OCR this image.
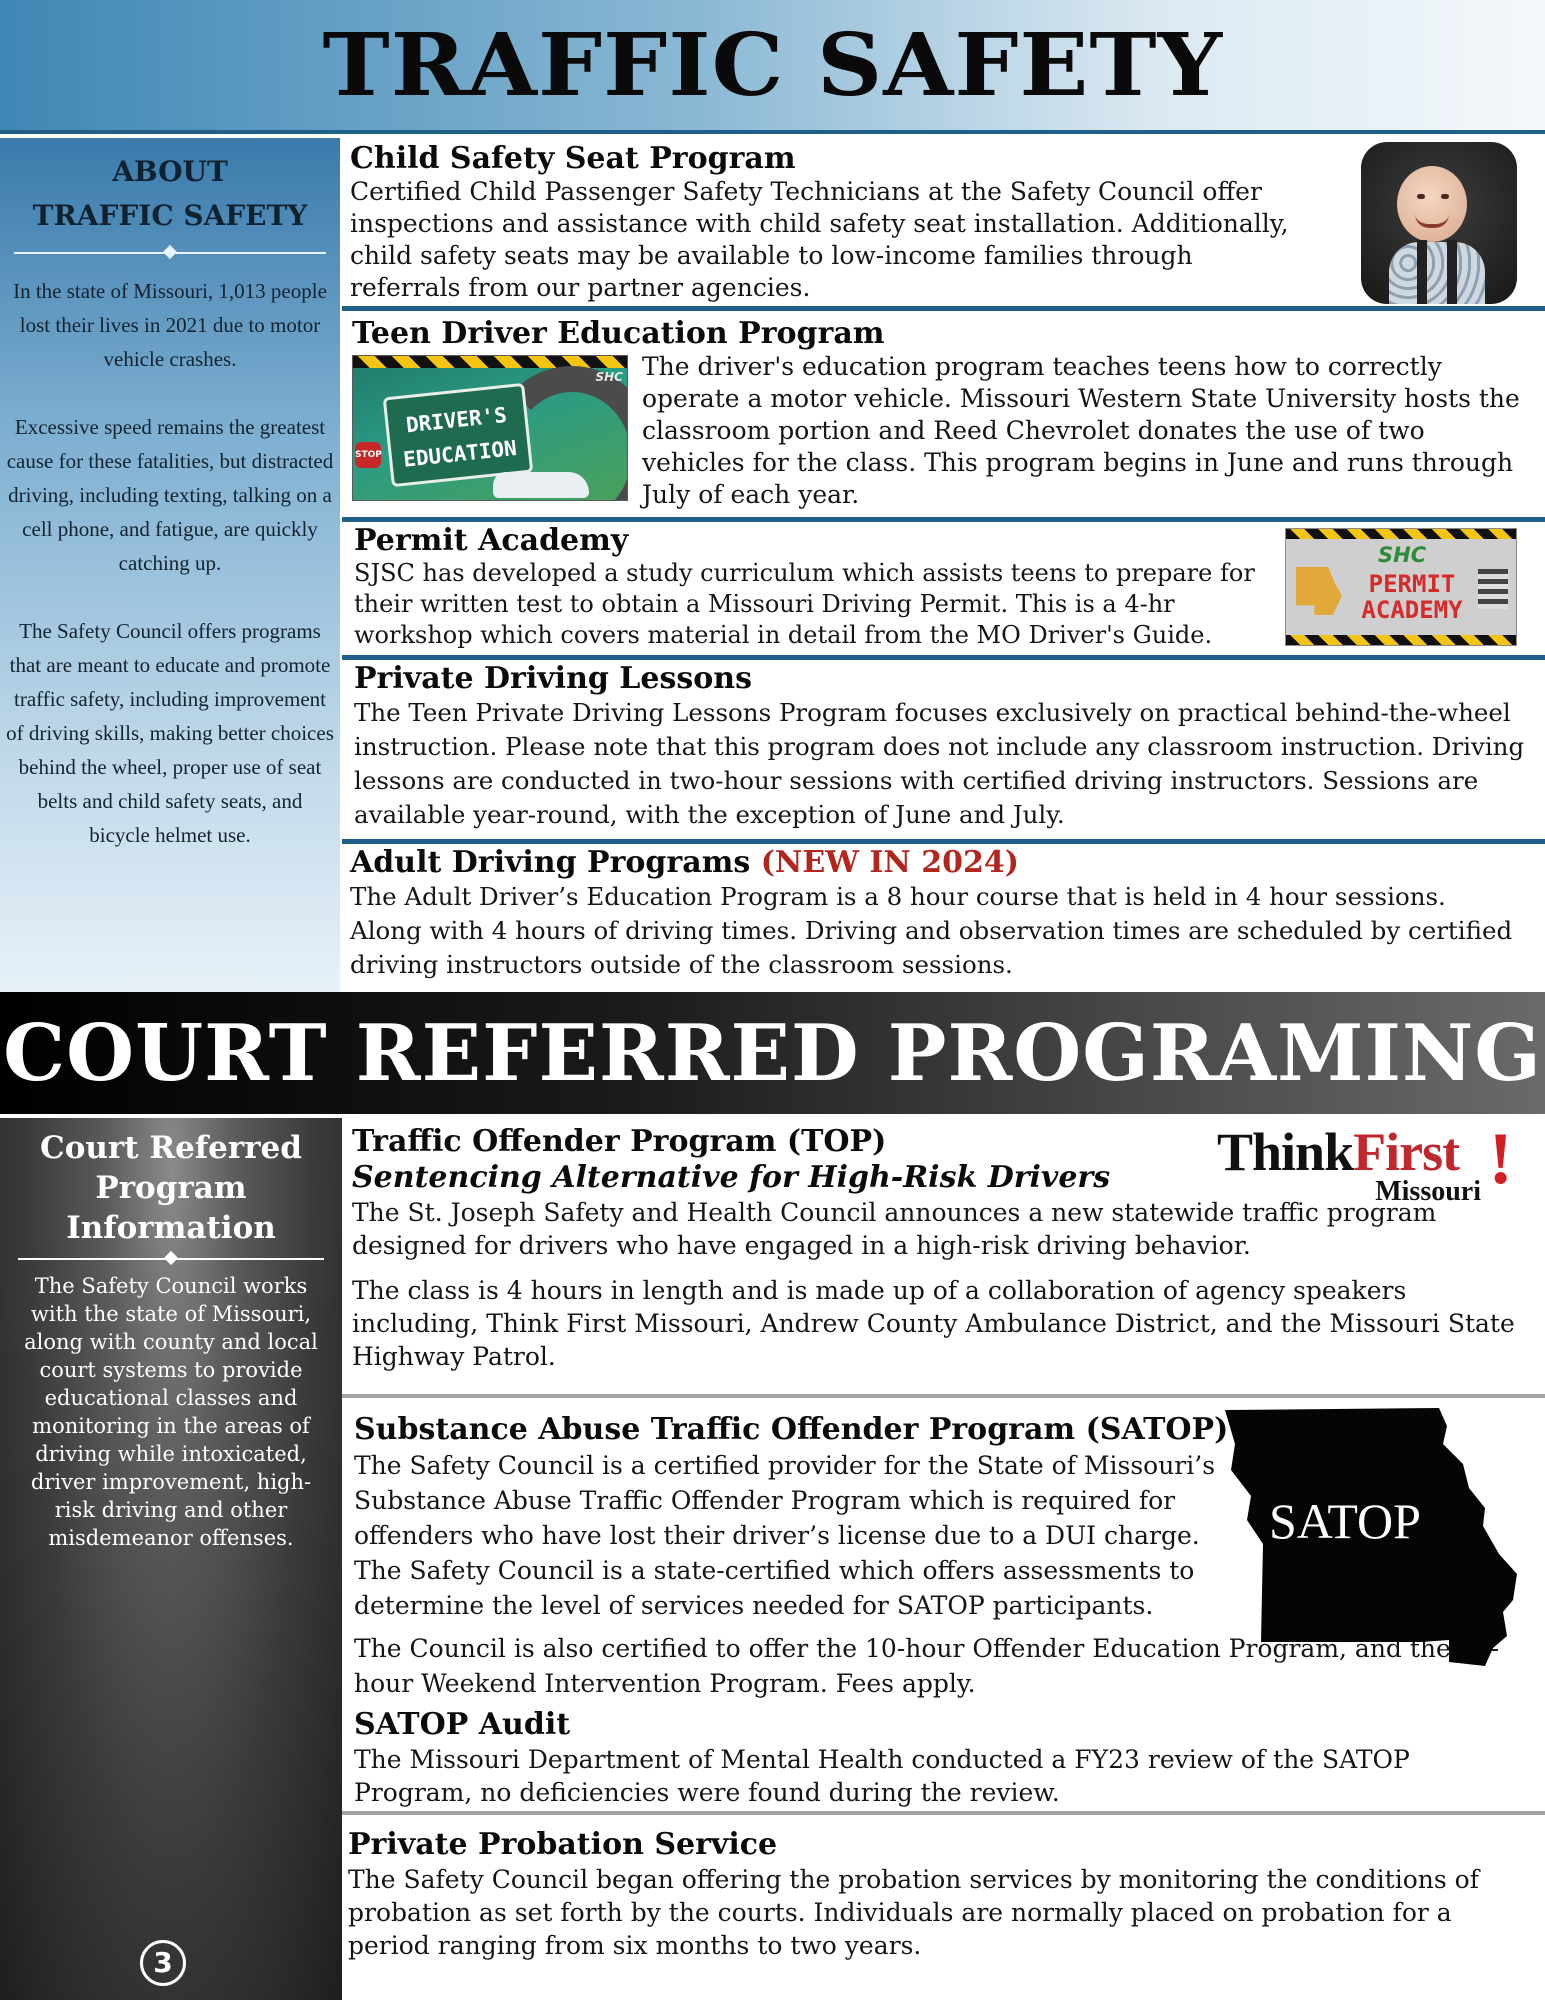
TRAFFIC SAFETY
ABOUT
TRAFFIC SAFETY

In the state of Missouri, 1,013 people lost their lives in 2021 due to motor vehicle crashes.

Excessive speed remains the greatest cause for these fatalities, but distracted driving, including texting, talking on a cell phone, and fatigue, are quickly catching up.

The Safety Council offers programs that are meant to educate and promote traffic safety, including improvement of driving skills, making better choices behind the wheel, proper use of seat belts and child safety seats, and bicycle helmet use.

Child Safety Seat Program

Certified Child Passenger Safety Technicians at the Safety Council offer inspections and assistance with child safety seat installation. Additionally, child safety seats may be available to low-income families through referrals from our partner agencies.

Teen Driver Education Program

The driver's education program teaches teens how to correctly operate a motor vehicle. Missouri Western State University hosts the classroom portion and Reed Chevrolet donates the use of two vehicles for the class. This program begins in June and runs through July of each year.

DRIVER'S
EDUCATION
STOP
SHC
Permit Academy

SJSC has developed a study curriculum which assists teens to prepare for their written test to obtain a Missouri Driving Permit. This is a 4-hr workshop which covers material in detail from the MO Driver's Guide.

SHC
PERMIT
ACADEMY
Private Driving Lessons

The Teen Private Driving Lessons Program focuses exclusively on practical behind-the-wheel instruction. Please note that this program does not include any classroom instruction. Driving lessons are conducted in two-hour sessions with certified driving instructors. Sessions are available year-round, with the exception of June and July.

Adult Driving Programs (NEW IN 2024)

The Adult Driver’s Education Program is a 8 hour course that is held in 4 hour sessions. Along with 4 hours of driving times. Driving and observation times are scheduled by certified driving instructors outside of the classroom sessions.

COURT REFERRED PROGRAMING
Court Referred
Program
Information

The Safety Council works with the state of Missouri, along with county and local court systems to provide educational classes and monitoring in the areas of driving while intoxicated, driver improvement, high-risk driving and other misdemeanor offenses.

3
Traffic Offender Program (TOP)
Sentencing Alternative for High-Risk Drivers

The St. Joseph Safety and Health Council announces a new statewide traffic program designed for drivers who have engaged in a high-risk driving behavior.

The class is 4 hours in length and is made up of a collaboration of agency speakers including, Think First Missouri, Andrew County Ambulance District, and the Missouri State Highway Patrol.

ThinkFirst !
Missouri
Substance Abuse Traffic Offender Program (SATOP)

The Safety Council is a certified provider for the State of Missouri’s Substance Abuse Traffic Offender Program which is required for offenders who have lost their driver’s license due to a DUI charge. The Safety Council is a state-certified which offers assessments to determine the level of services needed for SATOP participants.

The Council is also certified to offer the 10-hour Offender Education Program, and the 20-hour Weekend Intervention Program. Fees apply.

SATOP Audit

The Missouri Department of Mental Health conducted a FY23 review of the SATOP Program, no deficiencies were found during the review.

SATOP
Private Probation Service

The Safety Council began offering the probation services by monitoring the conditions of probation as set forth by the courts. Individuals are normally placed on probation for a period ranging from six months to two years.
